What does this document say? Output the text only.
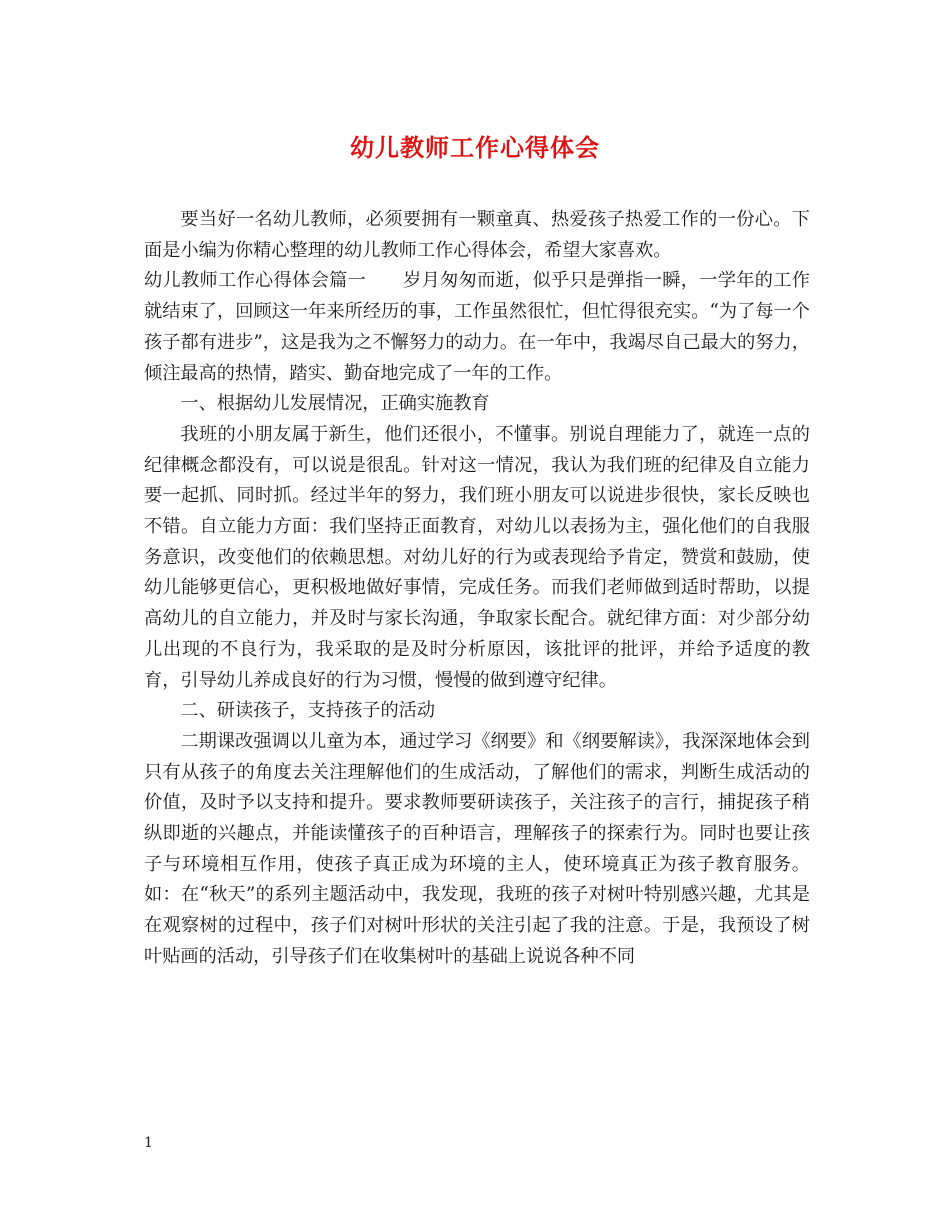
幼儿教师工作心得体会

要当好一名幼儿教师，必须要拥有一颗童真、热爱孩子热爱工作的一份心。下面是小编为你精心整理的幼儿教师工作心得体会，希望大家喜欢。

幼儿教师工作心得体会篇一　　岁月匆匆而逝，似乎只是弹指一瞬，一学年的工作就结束了，回顾这一年来所经历的事，工作虽然很忙，但忙得很充实。“为了每一个孩子都有进步”，这是我为之不懈努力的动力。在一年中，我竭尽自己最大的努力，倾注最高的热情，踏实、勤奋地完成了一年的工作。

一、根据幼儿发展情况，正确实施教育

我班的小朋友属于新生，他们还很小，不懂事。别说自理能力了，就连一点的纪律概念都没有，可以说是很乱。针对这一情况，我认为我们班的纪律及自立能力要一起抓、同时抓。经过半年的努力，我们班小朋友可以说进步很快，家长反映也不错。自立能力方面：我们坚持正面教育，对幼儿以表扬为主，强化他们的自我服务意识，改变他们的依赖思想。对幼儿好的行为或表现给予肯定，赞赏和鼓励，使幼儿能够更信心，更积极地做好事情，完成任务。而我们老师做到适时帮助，以提高幼儿的自立能力，并及时与家长沟通，争取家长配合。就纪律方面：对少部分幼儿出现的不良行为，我采取的是及时分析原因，该批评的批评，并给予适度的教育，引导幼儿养成良好的行为习惯，慢慢的做到遵守纪律。

二、研读孩子，支持孩子的活动

二期课改强调以儿童为本，通过学习《纲要》和《纲要解读》，我深深地体会到只有从孩子的角度去关注理解他们的生成活动，了解他们的需求，判断生成活动的价值，及时予以支持和提升。要求教师要研读孩子，关注孩子的言行，捕捉孩子稍纵即逝的兴趣点，并能读懂孩子的百种语言，理解孩子的探索行为。同时也要让孩子与环境相互作用，使孩子真正成为环境的主人，使环境真正为孩子教育服务。如：在“秋天”的系列主题活动中，我发现，我班的孩子对树叶特别感兴趣，尤其是在观察树的过程中，孩子们对树叶形状的关注引起了我的注意。于是，我预设了树叶贴画的活动，引导孩子们在收集树叶的基础上说说各种不同

1
